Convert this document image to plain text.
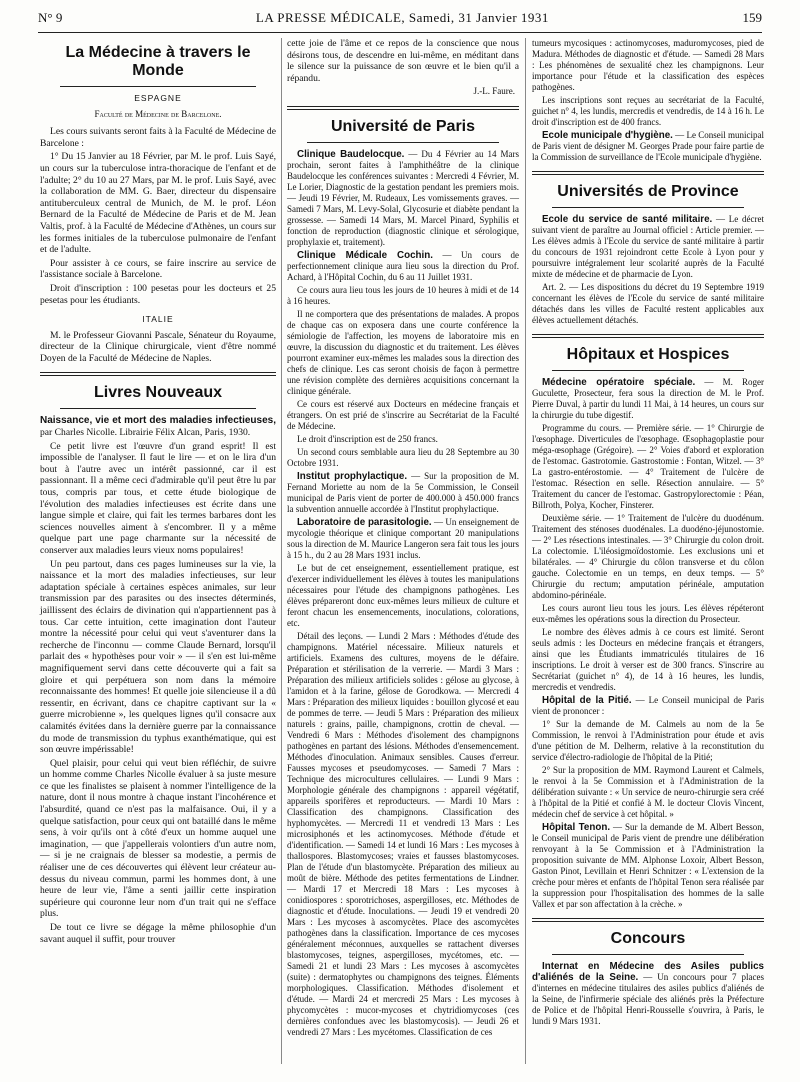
N° 9	LA PRESSE MÉDICALE, Samedi, 31 Janvier 1931	159
La Médecine à travers le Monde
ESPAGNE
Faculté de Médecine de Barcelone.

Les cours suivants seront faits à la Faculté de Médecine de Barcelone :

1° Du 15 Janvier au 18 Février, par M. le prof. Luis Sayé, un cours sur la tuberculose intra-thoracique de l'enfant et de l'adulte; 2° du 10 au 27 Mars, par M. le prof. Luis Sayé, avec la collaboration de MM. G. Baer, directeur du dispensaire antituberculeux central de Munich, de M. le prof. Léon Bernard de la Faculté de Médecine de Paris et de M. Jean Valtis, prof. à la Faculté de Médecine d'Athènes, un cours sur les formes initiales de la tuberculose pulmonaire de l'enfant et de l'adulte.

Pour assister à ce cours, se faire inscrire au service de l'assistance sociale à Barcelone.

Droit d'inscription : 100 pesetas pour les docteurs et 25 pesetas pour les étudiants.

ITALIE

M. le Professeur Giovanni Pascale, Sénateur du Royaume, directeur de la Clinique chirurgicale, vient d'être nommé Doyen de la Faculté de Médecine de Naples.

Livres Nouveaux

Naissance, vie et mort des maladies infectieuses, par Charles Nicolle. Librairie Félix Alcan, Paris, 1930.

Ce petit livre est l'œuvre d'un grand esprit! Il est impossible de l'analyser. Il faut le lire — et on le lira d'un bout à l'autre avec un intérêt passionné, car il est passionnant. Il a même ceci d'admirable qu'il peut être lu par tous, compris par tous, et cette étude biologique de l'évolution des maladies infectieuses est écrite dans une langue simple et claire, qui fait les termes barbares dont les sciences nouvelles aiment à s'encombrer. Il y a même quelque part une page charmante sur la nécessité de conserver aux maladies leurs vieux noms populaires!

Un peu partout, dans ces pages lumineuses sur la vie, la naissance et la mort des maladies infectieuses, sur leur adaptation spéciale à certaines espèces animales, sur leur transmission par des parasites ou des insectes déterminés, jaillissent des éclairs de divination qui n'appartiennent pas à tous. Car cette intuition, cette imagination dont l'auteur montre la nécessité pour celui qui veut s'aventurer dans la recherche de l'inconnu — comme Claude Bernard, lorsqu'il parlait des « hypothèses pour voir » — il s'en est lui-même magnifiquement servi dans cette découverte qui a fait sa gloire et qui perpétuera son nom dans la mémoire reconnaissante des hommes! Et quelle joie silencieuse il a dû ressentir, en écrivant, dans ce chapitre captivant sur la « guerre microbienne », les quelques lignes qu'il consacre aux calamités évitées dans la dernière guerre par la connaissance du mode de transmission du typhus exanthématique, qui est son œuvre impérissable!

Quel plaisir, pour celui qui veut bien réfléchir, de suivre un homme comme Charles Nicolle évaluer à sa juste mesure ce que les finalistes se plaisent à nommer l'intelligence de la nature, dont il nous montre à chaque instant l'incohérence et l'absurdité, quand ce n'est pas la malfaisance. Oui, il y a quelque satisfaction, pour ceux qui ont bataillé dans le même sens, à voir qu'ils ont à côté d'eux un homme auquel une imagination, — que j'appellerais volontiers d'un autre nom, — si je ne craignais de blesser sa modestie, a permis de réaliser une de ces découvertes qui élèvent leur créateur au-dessus du niveau commun, parmi les hommes dont, à une heure de leur vie, l'âme a senti jaillir cette inspiration supérieure qui couronne leur nom d'un trait qui ne s'efface plus.

De tout ce livre se dégage la même philosophie d'un savant auquel il suffit, pour trouver

cette joie de l'âme et ce repos de la conscience que nous désirons tous, de descendre en lui-même, en méditant dans le silence sur la puissance de son œuvre et le bien qu'il a répandu.

J.-L. Faure.
Université de Paris

Clinique Baudelocque. — Du 4 Février au 14 Mars prochain, seront faites à l'amphithéâtre de la clinique Baudelocque les conférences suivantes : Mercredi 4 Février, M. Le Lorier, Diagnostic de la gestation pendant les premiers mois. — Jeudi 19 Février, M. Rudeaux, Les vomissements graves. — Samedi 7 Mars, M. Levy-Solal, Glycosurie et diabète pendant la grossesse. — Samedi 14 Mars, M. Marcel Pinard, Syphilis et fonction de reproduction (diagnostic clinique et sérologique, prophylaxie et, traitement).

Clinique Médicale Cochin. — Un cours de perfectionnement clinique aura lieu sous la direction du Prof. Achard, à l'Hôpital Cochin, du 6 au 11 Juillet 1931.

Ce cours aura lieu tous les jours de 10 heures à midi et de 14 à 16 heures.

Il ne comportera que des présentations de malades. A propos de chaque cas on exposera dans une courte conférence la sémiologie de l'affection, les moyens de laboratoire mis en œuvre, la discussion du diagnostic et du traitement. Les élèves pourront examiner eux-mêmes les malades sous la direction des chefs de clinique. Les cas seront choisis de façon à permettre une révision complète des dernières acquisitions concernant la clinique générale.

Ce cours est réservé aux Docteurs en médecine français et étrangers. On est prié de s'inscrire au Secrétariat de la Faculté de Médecine.

Le droit d'inscription est de 250 francs.

Un second cours semblable aura lieu du 28 Septembre au 30 Octobre 1931.

Institut prophylactique. — Sur la proposition de M. Fernand Moriette au nom de la 5e Commission, le Conseil municipal de Paris vient de porter de 400.000 à 450.000 francs la subvention annuelle accordée à l'Institut prophylactique.

Laboratoire de parasitologie. — Un enseignement de mycologie théorique et clinique comportant 20 manipulations sous la direction de M. Maurice Langeron sera fait tous les jours à 15 h., du 2 au 28 Mars 1931 inclus.

Le but de cet enseignement, essentiellement pratique, est d'exercer individuellement les élèves à toutes les manipulations nécessaires pour l'étude des champignons pathogènes. Les élèves prépareront donc eux-mêmes leurs milieux de culture et feront chacun les ensemencements, inoculations, colorations, etc.

Détail des leçons. — Lundi 2 Mars : Méthodes d'étude des champignons. Matériel nécessaire. Milieux naturels et artificiels. Examens des cultures, moyens de le défaire. Préparation et stérilisation de la verrerie. — Mardi 3 Mars : Préparation des milieux artificiels solides : gélose au glycose, à l'amidon et à la farine, gélose de Gorodkowa. — Mercredi 4 Mars : Préparation des milieux liquides : bouillon glycosé et eau de pommes de terre. — Jeudi 5 Mars : Préparation des milieux naturels : grains, paille, champignons, crottin de cheval. — Vendredi 6 Mars : Méthodes d'isolement des champignons pathogènes en partant des lésions. Méthodes d'ensemencement. Méthodes d'inoculation. Animaux sensibles. Causes d'erreur. Fausses mycoses et pseudomycoses. — Samedi 7 Mars : Technique des microcultures cellulaires. — Lundi 9 Mars : Morphologie générale des champignons : appareil végétatif, appareils sporifères et reproducteurs. — Mardi 10 Mars : Classification des champignons. Classification des hyphomycètes. — Mercredi 11 et vendredi 13 Mars : Les microsiphonés et les actinomycoses. Méthode d'étude et d'identification. — Samedi 14 et lundi 16 Mars : Les mycoses à thallospores. Blastomycoses; vraies et fausses blastomycoses. Plan de l'étude d'un blastomycète. Préparation des milieux au moût de bière. Méthode des petites fermentations de Lindner. — Mardi 17 et Mercredi 18 Mars : Les mycoses à conidiospores : sporotrichoses, aspergilloses, etc. Méthodes de diagnostic et d'étude. Inoculations. — Jeudi 19 et vendredi 20 Mars : Les mycoses à ascomycètes. Place des ascomycètes pathogènes dans la classification. Importance de ces mycoses généralement méconnues, auxquelles se rattachent diverses blastomycoses, teignes, aspergilloses, mycétomes, etc. — Samedi 21 et lundi 23 Mars : Les mycoses à ascomycètes (suite) : dermatophytes ou champignons des teignes. Éléments morphologiques. Classification. Méthodes d'isolement et d'étude. — Mardi 24 et mercredi 25 Mars : Les mycoses à phycomycètes : mucor-mycoses et chytridiomycoses (ces dernières confondues avec les blastomycosis). — Jeudi 26 et vendredi 27 Mars : Les mycétomes. Classification de ces

tumeurs mycosiques : actinomycoses, maduromycoses, pied de Madura. Méthodes de diagnostic et d'étude. — Samedi 28 Mars : Les phénomènes de sexualité chez les champignons. Leur importance pour l'étude et la classification des espèces pathogènes.

Les inscriptions sont reçues au secrétariat de la Faculté, guichet n° 4, les lundis, mercredis et vendredis, de 14 à 16 h. Le droit d'inscription est de 400 francs.

Ecole municipale d'hygiène. — Le Conseil municipal de Paris vient de désigner M. Georges Prade pour faire partie de la Commission de surveillance de l'Ecole municipale d'hygiène.

Universités de Province

Ecole du service de santé militaire. — Le décret suivant vient de paraître au Journal officiel : Article premier. — Les élèves admis à l'Ecole du service de santé militaire à partir du concours de 1931 rejoindront cette Ecole à Lyon pour y poursuivre intégralement leur scolarité auprès de la Faculté mixte de médecine et de pharmacie de Lyon.

Art. 2. — Les dispositions du décret du 19 Septembre 1919 concernant les élèves de l'Ecole du service de santé militaire détachés dans les villes de Faculté restent applicables aux élèves actuellement détachés.

Hôpitaux et Hospices

Médecine opératoire spéciale. — M. Roger Guculette, Prosecteur, fera sous la direction de M. le Prof. Pierre Duval, à partir du lundi 11 Mai, à 14 heures, un cours sur la chirurgie du tube digestif.

Programme du cours. — Première série. — 1° Chirurgie de l'œsophage. Diverticules de l'œsophage. Œsophagoplastie pour méga-œsophage (Grégoire). — 2° Voies d'abord et exploration de l'estomac. Gastrotomie. Gastrostomie : Fontan, Witzel. — 3° La gastro-entérostomie. — 4° Traitement de l'ulcère de l'estomac. Résection en selle. Résection annulaire. — 5° Traitement du cancer de l'estomac. Gastropylorectomie : Péan, Billroth, Polya, Kocher, Finsterer.

Deuxième série. — 1° Traitement de l'ulcère du duodénum. Traitement des sténoses duodénales. La duodéno-jéjunostomie. — 2° Les résections intestinales. — 3° Chirurgie du colon droit. La colectomie. L'iléosigmoïdostomie. Les exclusions uni et bilatérales. — 4° Chirurgie du côlon transverse et du côlon gauche. Colectomie en un temps, en deux temps. — 5° Chirurgie du rectum; amputation périnéale, amputation abdomino-périnéale.

Les cours auront lieu tous les jours. Les élèves répéteront eux-mêmes les opérations sous la direction du Prosecteur.

Le nombre des élèves admis à ce cours est limité. Seront seuls admis : les Docteurs en médecine français et étrangers, ainsi que les Étudiants immatriculés titulaires de 16 inscriptions. Le droit à verser est de 300 francs. S'inscrire au Secrétariat (guichet n° 4), de 14 à 16 heures, les lundis, mercredis et vendredis.

Hôpital de la Pitié. — Le Conseil municipal de Paris vient de prononcer :

1° Sur la demande de M. Calmels au nom de la 5e Commission, le renvoi à l'Administration pour étude et avis d'une pétition de M. Delherm, relative à la reconstitution du service d'électro-radiologie de l'hôpital de la Pitié;

2° Sur la proposition de MM. Raymond Laurent et Calmels, le renvoi à la 5e Commission et à l'Administration de la délibération suivante : « Un service de neuro-chirurgie sera créé à l'hôpital de la Pitié et confié à M. le docteur Clovis Vincent, médecin chef de service à cet hôpital. »

Hôpital Tenon. — Sur la demande de M. Albert Besson, le Conseil municipal de Paris vient de prendre une délibération renvoyant à la 5e Commission et à l'Administration la proposition suivante de MM. Alphonse Loxoir, Albert Besson, Gaston Pinot, Levillain et Henri Schnitzer : « L'extension de la crèche pour mères et enfants de l'hôpital Tenon sera réalisée par la suppression pour l'hospitalisation des hommes de la salle Vallex et par son affectation à la crèche. »

Concours

Internat en Médecine des Asiles publics d'aliénés de la Seine. — Un concours pour 7 places d'internes en médecine titulaires des asiles publics d'aliénés de la Seine, de l'infirmerie spéciale des aliénés près la Préfecture de Police et de l'hôpital Henri-Rousselle s'ouvrira, à Paris, le lundi 9 Mars 1931.
